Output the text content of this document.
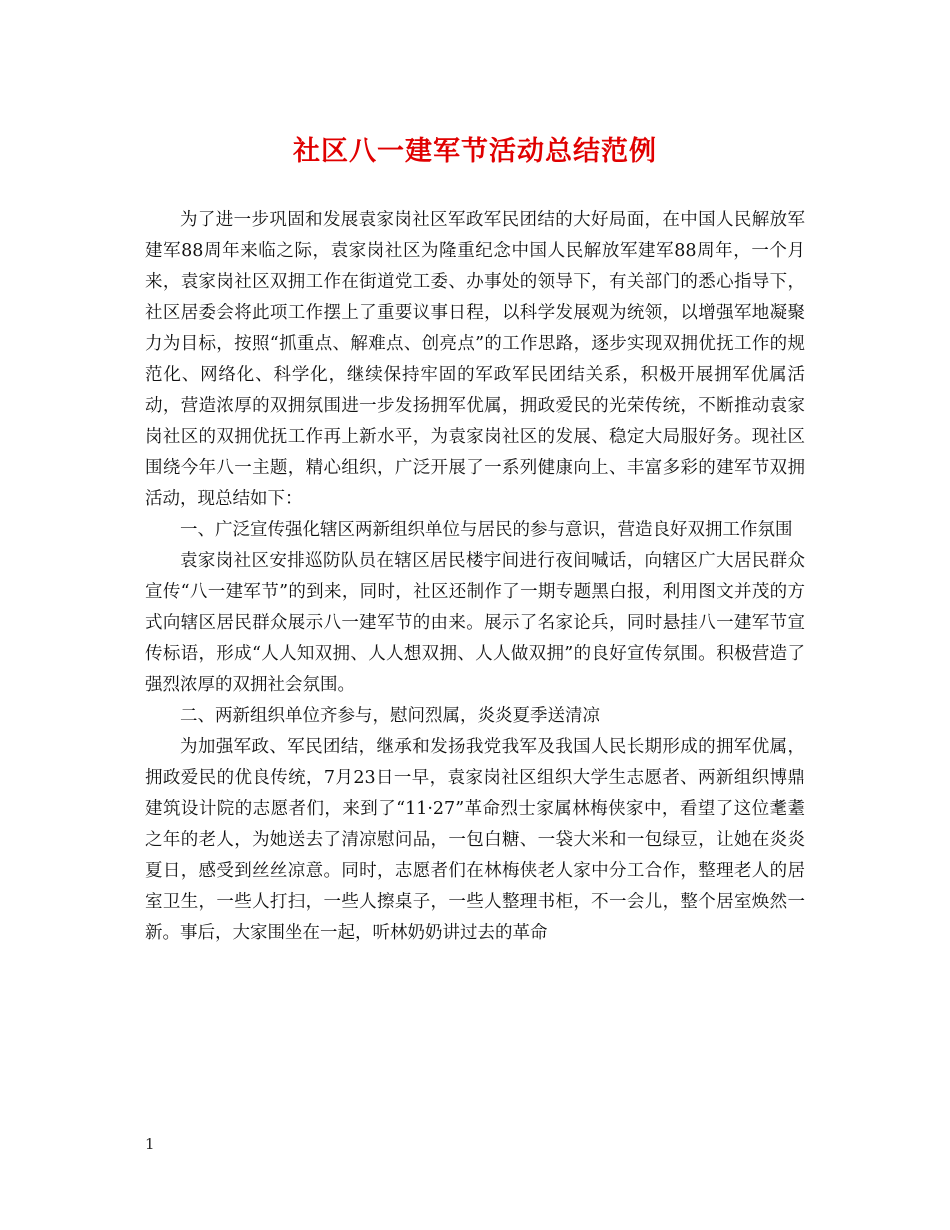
社区八一建军节活动总结范例

为了进一步巩固和发展袁家岗社区军政军民团结的大好局面，在中国人民解放军建军88周年来临之际，袁家岗社区为隆重纪念中国人民解放军建军88周年，一个月来，袁家岗社区双拥工作在街道党工委、办事处的领导下，有关部门的悉心指导下，社区居委会将此项工作摆上了重要议事日程，以科学发展观为统领，以增强军地凝聚力为目标，按照“抓重点、解难点、创亮点”的工作思路，逐步实现双拥优抚工作的规范化、网络化、科学化，继续保持牢固的军政军民团结关系，积极开展拥军优属活动，营造浓厚的双拥氛围进一步发扬拥军优属，拥政爱民的光荣传统，不断推动袁家岗社区的双拥优抚工作再上新水平，为袁家岗社区的发展、稳定大局服好务。现社区围绕今年八一主题，精心组织，广泛开展了一系列健康向上、丰富多彩的建军节双拥活动，现总结如下：

一、广泛宣传强化辖区两新组织单位与居民的参与意识，营造良好双拥工作氛围

袁家岗社区安排巡防队员在辖区居民楼宇间进行夜间喊话，向辖区广大居民群众宣传“八一建军节”的到来，同时，社区还制作了一期专题黑白报，利用图文并茂的方式向辖区居民群众展示八一建军节的由来。展示了名家论兵，同时悬挂八一建军节宣传标语，形成“人人知双拥、人人想双拥、人人做双拥”的良好宣传氛围。积极营造了强烈浓厚的双拥社会氛围。

二、两新组织单位齐参与，慰问烈属，炎炎夏季送清凉

为加强军政、军民团结，继承和发扬我党我军及我国人民长期形成的拥军优属，拥政爱民的优良传统，7月23日一早，袁家岗社区组织大学生志愿者、两新组织博鼎建筑设计院的志愿者们，来到了“11·27”革命烈士家属林梅侠家中，看望了这位耄耋之年的老人，为她送去了清凉慰问品，一包白糖、一袋大米和一包绿豆，让她在炎炎夏日，感受到丝丝凉意。同时，志愿者们在林梅侠老人家中分工合作，整理老人的居室卫生，一些人打扫，一些人擦桌子，一些人整理书柜，不一会儿，整个居室焕然一新。事后，大家围坐在一起，听林奶奶讲过去的革命

1
